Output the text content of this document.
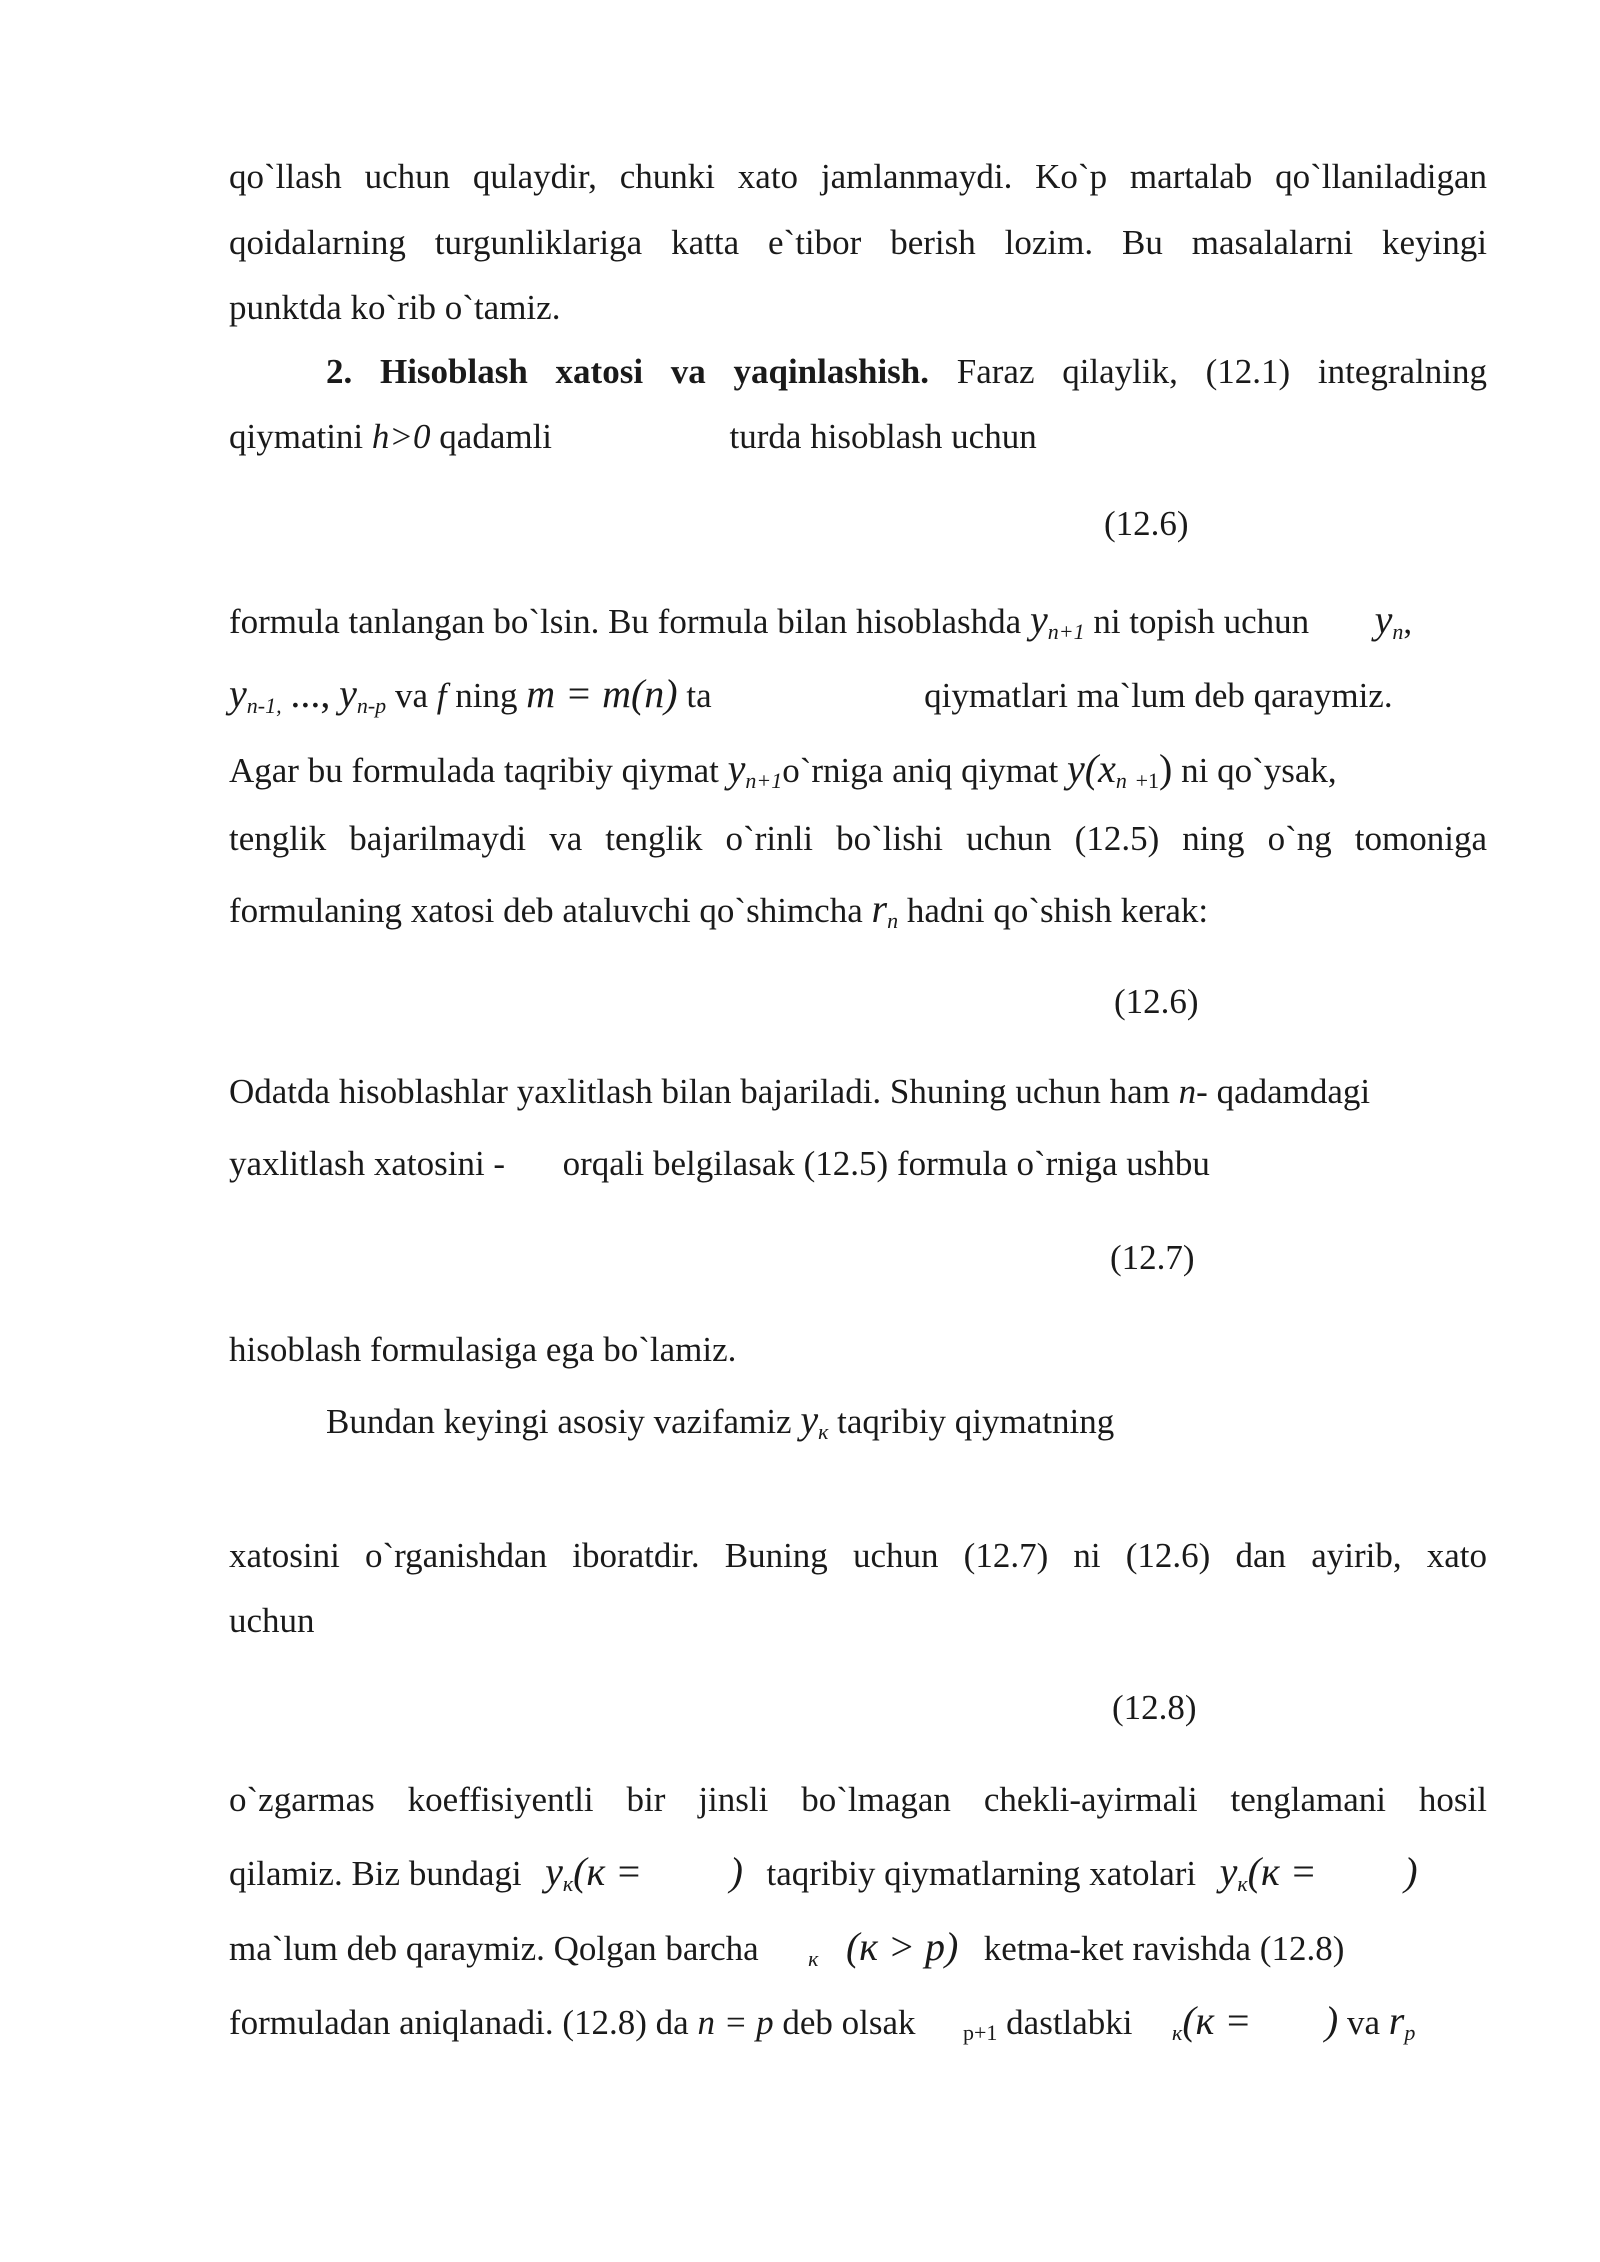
qo`llash uchun qulaydir, chunki xato jamlanmaydi. Ko`p martalab qo`llaniladigan
qoidalarning turgunliklariga katta e`tibor berish lozim. Bu masalalarni keyingi
punktda ko`rib o`tamiz.
2. Hisoblash xatosi va yaqinlashish. Faraz qilaylik, (12.1) integralning
qiymatini h>0 qadamli	turda hisoblash uchun
(12.6)
formula tanlangan bo`lsin. Bu formula bilan hisoblashda $y_{n+1}$ ni topish uchun $y_n$,
$y_{n-1,}$ ..., $y_{n-p}$ va f ning m = m(n) ta	qiymatlari ma`lum deb qaraymiz.
Agar bu formulada taqribiy qiymat $y_{n+1}o`rniga$ aniq qiymat $y(x_n +1)$ ni qo`ysak,
tenglik bajarilmaydi va tenglik o`rinli bo`lishi uchun (12.5) ning o`ng tomoniga
formulaning xatosi deb ataluvchi qo`shimcha $r_n$ hadni qo`shish kerak:
(12.6)
Odatda hisoblashlar yaxlitlash bilan bajariladi. Shuning uchun ham n- qadamdagi
yaxlitlash xatosini - orqali belgilasak (12.5) formula o`rniga ushbu
(12.7)
hisoblash formulasiga ega bo`lamiz.
Bundan keyingi asosiy vazifamiz $y_к$ taqribiy qiymatning
xatosini o`rganishdan iboratdir. Buning uchun (12.7) ni (12.6) dan ayirib, xato
uchun
(12.8)
o`zgarmas koeffisiyentli bir jinsli bo`lmagan chekli-ayirmali tenglamani hosil
qilamiz. Biz bundagi $y_к(к$ = ) taqribiy qiymatlarning xatolari $y_к(к$ = )
ma`lum deb qaraymiz. Qolgan barcha $_к$ (к > p) ketma-ket ravishda (12.8)
formuladan aniqlanadi. (12.8) da n = p deb olsak p+1 dastlabki $_к$(к = ) va $r_p$
